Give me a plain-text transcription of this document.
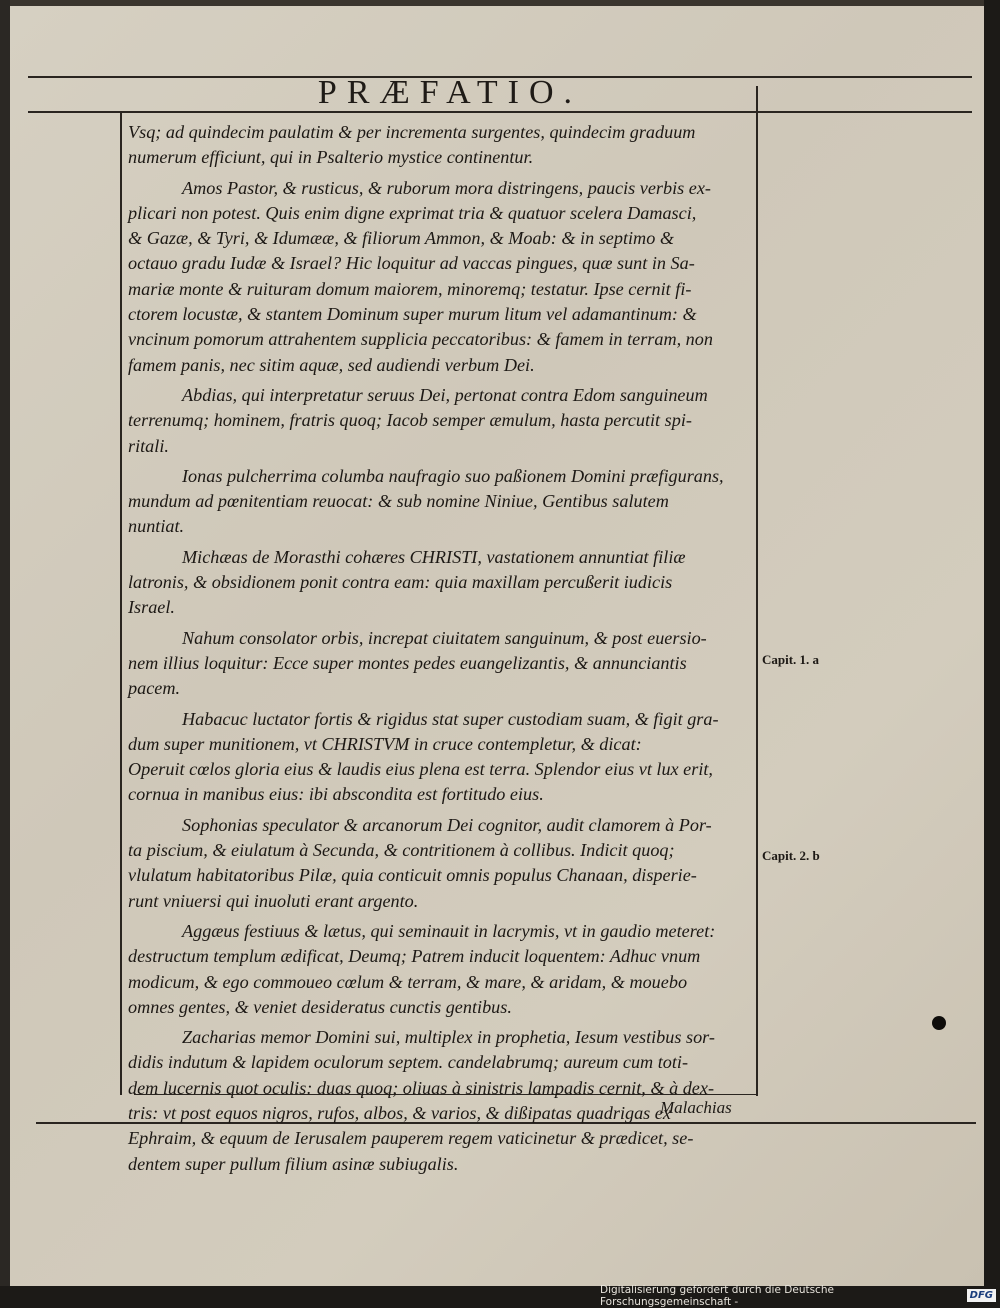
PRÆFATIO.

Vsq; ad quindecim paulatim & per incrementa surgentes, quindecim graduum
numerum efficiunt, qui in Psalterio mystice continentur.

Amos Pastor, & rusticus, & ruborum mora distringens, paucis verbis ex-
plicari non potest. Quis enim digne exprimat tria & quatuor scelera Damasci,
& Gazæ, & Tyri, & Idumææ, & filiorum Ammon, & Moab: & in septimo &
octauo gradu Iudæ & Israel? Hic loquitur ad vaccas pingues, quæ sunt in Sa-
mariæ monte & ruituram domum maiorem, minoremq; testatur. Ipse cernit fi-
ctorem locustæ, & stantem Dominum super murum litum vel adamantinum: &
vncinum pomorum attrahentem supplicia peccatoribus: & famem in terram, non
famem panis, nec sitim aquæ, sed audiendi verbum Dei.

Abdias, qui interpretatur seruus Dei, pertonat contra Edom sanguineum
terrenumq; hominem, fratris quoq; Iacob semper æmulum, hasta percutit spi-
ritali.

Ionas pulcherrima columba naufragio suo paßionem Domini præfigurans,
mundum ad pœnitentiam reuocat: & sub nomine Niniue, Gentibus salutem
nuntiat.

Michæas de Morasthi cohæres CHRISTI, vastationem annuntiat filiæ
latronis, & obsidionem ponit contra eam: quia maxillam percußerit iudicis
Israel.

Nahum consolator orbis, increpat ciuitatem sanguinum, & post euersio-
nem illius loquitur: Ecce super montes pedes euangelizantis, & annunciantis
pacem.

Habacuc luctator fortis & rigidus stat super custodiam suam, & figit gra-
dum super munitionem, vt CHRISTVM in cruce contempletur, & dicat:
Operuit cœlos gloria eius & laudis eius plena est terra. Splendor eius vt lux erit,
cornua in manibus eius: ibi abscondita est fortitudo eius.

Sophonias speculator & arcanorum Dei cognitor, audit clamorem à Por-
ta piscium, & eiulatum à Secunda, & contritionem à collibus. Indicit quoq;
vlulatum habitatoribus Pilæ, quia conticuit omnis populus Chanaan, disperie-
runt vniuersi qui inuoluti erant argento.

Aggæus festiuus & lætus, qui seminauit in lacrymis, vt in gaudio meteret:
destructum templum ædificat, Deumq; Patrem inducit loquentem: Adhuc vnum
modicum, & ego commoueo cœlum & terram, & mare, & aridam, & mouebo
omnes gentes, & veniet desideratus cunctis gentibus.

Zacharias memor Domini sui, multiplex in prophetia, Iesum vestibus sor-
didis indutum & lapidem oculorum septem. candelabrumq; aureum cum toti-
dem lucernis quot oculis: duas quoq; oliuas à sinistris lampadis cernit, & à dex-
tris: vt post equos nigros, rufos, albos, & varios, & dißipatas quadrigas ex
Ephraim, & equum de Ierusalem pauperem regem vaticinetur & prædicet, se-
dentem super pullum filium asinæ subiugalis.

Capit. 1. a
Capit. 2. b
Malachias
Digitalisierung gefördert durch die Deutsche Forschungsgemeinschaft -	DFG
